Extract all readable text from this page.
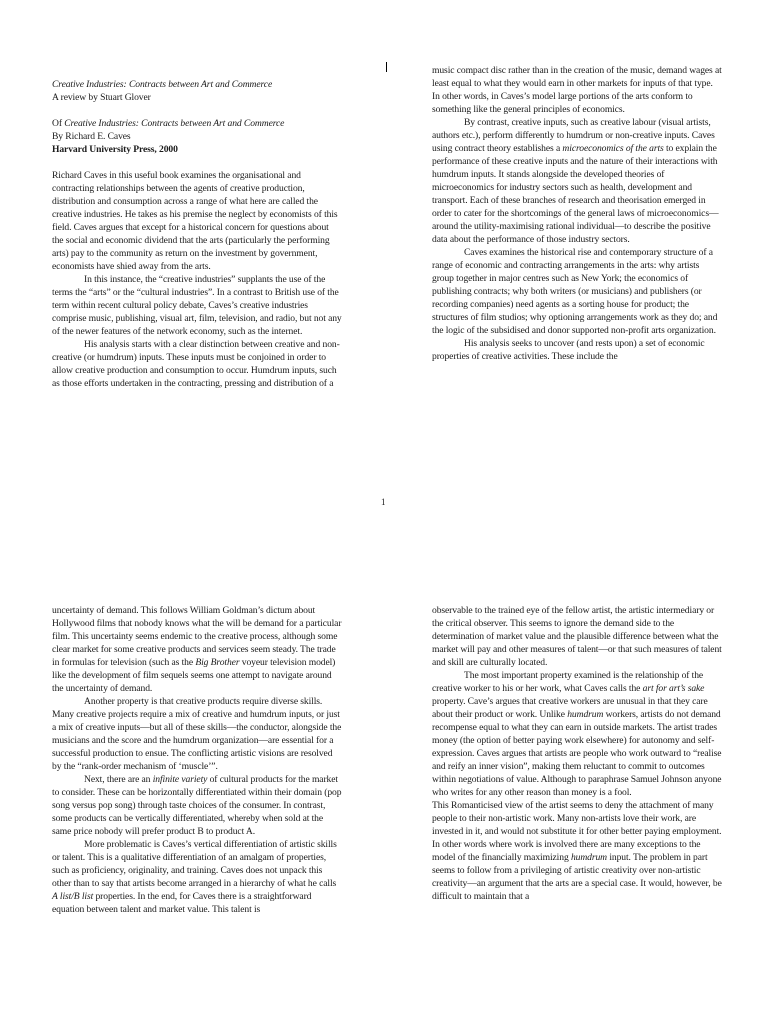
Creative Industries: Contracts between Art and Commerce

A review by Stuart Glover

Of Creative Industries: Contracts between Art and Commerce

By Richard E. Caves

Harvard University Press, 2000

Richard Caves in this useful book examines the organisational and contracting relationships between the agents of creative production, distribution and consumption across a range of what here are called the creative industries. He takes as his premise the neglect by economists of this field. Caves argues that except for a historical concern for questions about the social and economic dividend that the arts (particularly the performing arts) pay to the community as return on the investment by government, economists have shied away from the arts.

In this instance, the “creative industries” supplants the use of the terms the “arts” or the “cultural industries”. In a contrast to British use of the term within recent cultural policy debate, Caves’s creative industries comprise music, publishing, visual art, film, television, and radio, but not any of the newer features of the network economy, such as the internet.

His analysis starts with a clear distinction between creative and non-creative (or humdrum) inputs. These inputs must be conjoined in order to allow creative production and consumption to occur. Humdrum inputs, such as those efforts undertaken in the contracting, pressing and distribution of a

music compact disc rather than in the creation of the music, demand wages at least equal to what they would earn in other markets for inputs of that type. In other words, in Caves’s model large portions of the arts conform to something like the general principles of economics.

By contrast, creative inputs, such as creative labour (visual artists, authors etc.), perform differently to humdrum or non-creative inputs. Caves using contract theory establishes a microeconomics of the arts to explain the performance of these creative inputs and the nature of their interactions with humdrum inputs. It stands alongside the developed theories of microeconomics for industry sectors such as health, development and transport. Each of these branches of research and theorisation emerged in order to cater for the shortcomings of the general laws of microeconomics—around the utility-maximising rational individual—to describe the positive data about the performance of those industry sectors.

Caves examines the historical rise and contemporary structure of a range of economic and contracting arrangements in the arts: why artists group together in major centres such as New York; the economics of publishing contracts; why both writers (or musicians) and publishers (or recording companies) need agents as a sorting house for product; the structures of film studios; why optioning arrangements work as they do; and the logic of the subsidised and donor supported non-profit arts organization.

His analysis seeks to uncover (and rests upon) a set of economic properties of creative activities. These include the

1

uncertainty of demand. This follows William Goldman’s dictum about Hollywood films that nobody knows what the will be demand for a particular film. This uncertainty seems endemic to the creative process, although some clear market for some creative products and services seem steady. The trade in formulas for television (such as the Big Brother voyeur television model) like the development of film sequels seems one attempt to navigate around the uncertainty of demand.

Another property is that creative products require diverse skills. Many creative projects require a mix of creative and humdrum inputs, or just a mix of creative inputs—but all of these skills—the conductor, alongside the musicians and the score and the humdrum organization—are essential for a successful production to ensue. The conflicting artistic visions are resolved by the “rank-order mechanism of ‘muscle’”.

Next, there are an infinite variety of cultural products for the market to consider. These can be horizontally differentiated within their domain (pop song versus pop song) through taste choices of the consumer. In contrast, some products can be vertically differentiated, whereby when sold at the same price nobody will prefer product B to product A.

More problematic is Caves’s vertical differentiation of artistic skills or talent. This is a qualitative differentiation of an amalgam of properties, such as proficiency, originality, and training. Caves does not unpack this other than to say that artists become arranged in a hierarchy of what he calls A list/B list properties. In the end, for Caves there is a straightforward equation between talent and market value. This talent is

observable to the trained eye of the fellow artist, the artistic intermediary or the critical observer. This seems to ignore the demand side to the determination of market value and the plausible difference between what the market will pay and other measures of talent—or that such measures of talent and skill are culturally located.

The most important property examined is the relationship of the creative worker to his or her work, what Caves calls the art for art’s sake property. Cave’s argues that creative workers are unusual in that they care about their product or work. Unlike humdrum workers, artists do not demand recompense equal to what they can earn in outside markets. The artist trades money (the option of better paying work elsewhere) for autonomy and self-expression. Caves argues that artists are people who work outward to “realise and reify an inner vision”, making them reluctant to commit to outcomes within negotiations of value. Although to paraphrase Samuel Johnson anyone who writes for any other reason than money is a fool.

This Romanticised view of the artist seems to deny the attachment of many people to their non-artistic work. Many non-artists love their work, are invested in it, and would not substitute it for other better paying employment. In other words where work is involved there are many exceptions to the model of the financially maximizing humdrum input. The problem in part seems to follow from a privileging of artistic creativity over non-artistic creativity—an argument that the arts are a special case. It would, however, be difficult to maintain that a
